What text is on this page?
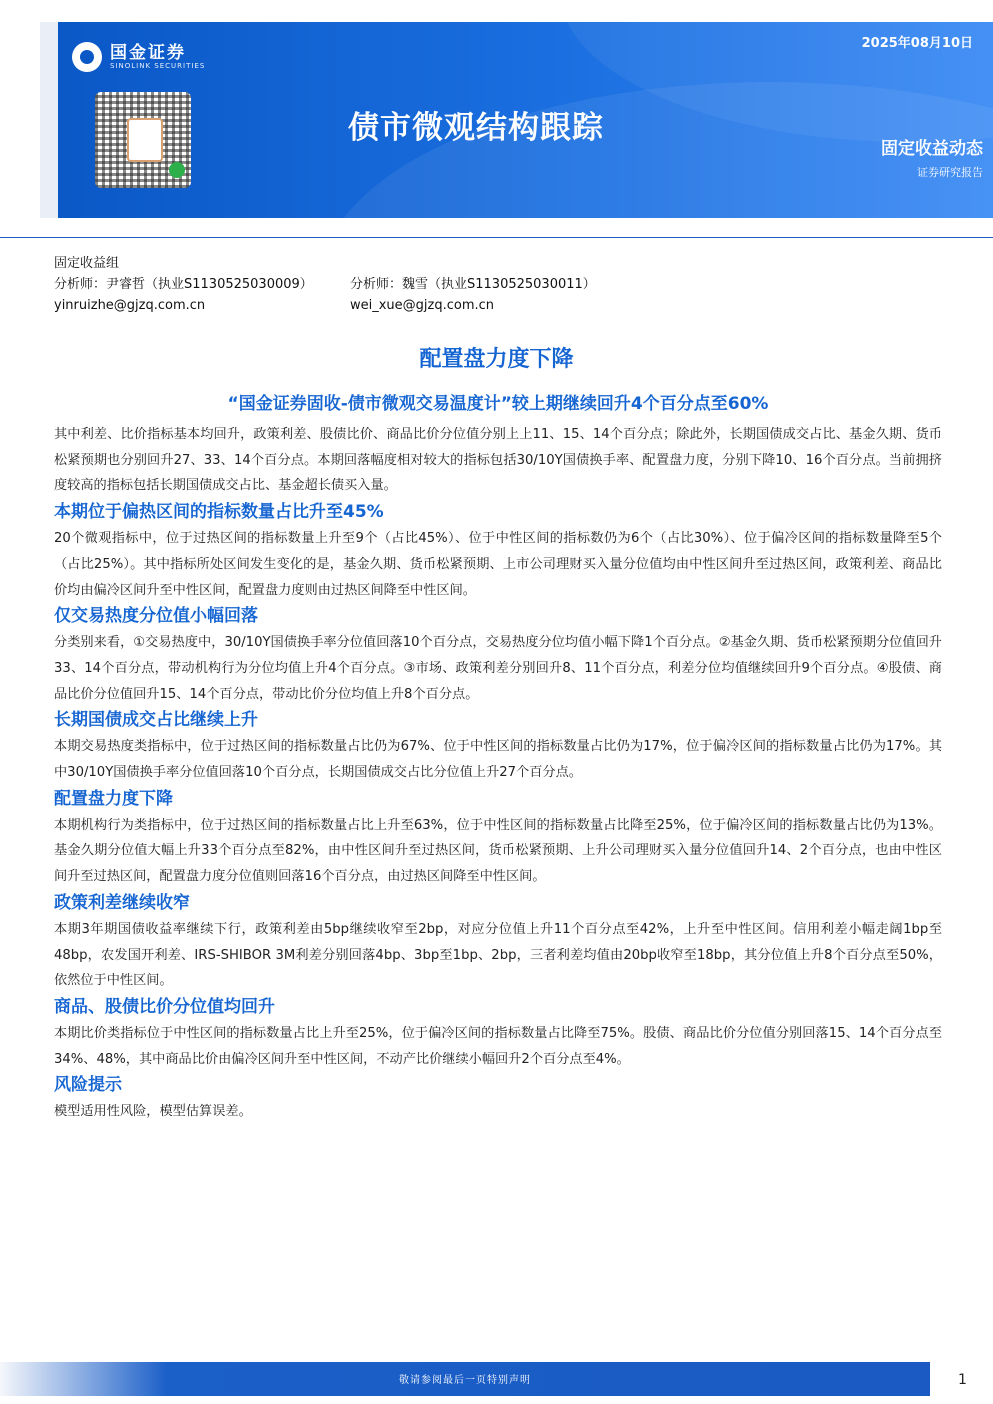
国金证券
SINOLINK SECURITIES
2025年08月10日
债市微观结构跟踪
固定收益动态
证券研究报告
固定收益组
分析师：尹睿哲（执业S1130525030009）	分析师：魏雪（执业S1130525030011）
yinruizhe@gjzq.com.cn	wei_xue@gjzq.com.cn
配置盘力度下降
“国金证券固收-债市微观交易温度计”较上期继续回升4个百分点至60%

其中利差、比价指标基本均回升，政策利差、股债比价、商品比价分位值分别上上11、15、14个百分点；除此外，长期国债成交占比、基金久期、货币松紧预期也分别回升27、33、14个百分点。本期回落幅度相对较大的指标包括30/10Y国债换手率、配置盘力度，分别下降10、16个百分点。当前拥挤度较高的指标包括长期国债成交占比、基金超长债买入量。

本期位于偏热区间的指标数量占比升至45%

20个微观指标中，位于过热区间的指标数量上升至9个（占比45%）、位于中性区间的指标数仍为6个（占比30%）、位于偏冷区间的指标数量降至5个（占比25%）。其中指标所处区间发生变化的是，基金久期、货币松紧预期、上市公司理财买入量分位值均由中性区间升至过热区间，政策利差、商品比价均由偏冷区间升至中性区间，配置盘力度则由过热区间降至中性区间。

仅交易热度分位值小幅回落

分类别来看，①交易热度中，30/10Y国债换手率分位值回落10个百分点，交易热度分位均值小幅下降1个百分点。②基金久期、货币松紧预期分位值回升33、14个百分点，带动机构行为分位均值上升4个百分点。③市场、政策利差分别回升8、11个百分点，利差分位均值继续回升9个百分点。④股债、商品比价分位值回升15、14个百分点，带动比价分位均值上升8个百分点。

长期国债成交占比继续上升

本期交易热度类指标中，位于过热区间的指标数量占比仍为67%、位于中性区间的指标数量占比仍为17%，位于偏冷区间的指标数量占比仍为17%。其中30/10Y国债换手率分位值回落10个百分点，长期国债成交占比分位值上升27个百分点。

配置盘力度下降

本期机构行为类指标中，位于过热区间的指标数量占比上升至63%，位于中性区间的指标数量占比降至25%，位于偏冷区间的指标数量占比仍为13%。基金久期分位值大幅上升33个百分点至82%，由中性区间升至过热区间，货币松紧预期、上升公司理财买入量分位值回升14、2个百分点，也由中性区间升至过热区间，配置盘力度分位值则回落16个百分点，由过热区间降至中性区间。

政策利差继续收窄

本期3年期国债收益率继续下行，政策利差由5bp继续收窄至2bp，对应分位值上升11个百分点至42%，上升至中性区间。信用利差小幅走阔1bp至48bp，农发国开利差、IRS-SHIBOR 3M利差分别回落4bp、3bp至1bp、2bp，三者利差均值由20bp收窄至18bp，其分位值上升8个百分点至50%，依然位于中性区间。

商品、股债比价分位值均回升

本期比价类指标位于中性区间的指标数量占比上升至25%，位于偏冷区间的指标数量占比降至75%。股债、商品比价分位值分别回落15、14个百分点至34%、48%，其中商品比价由偏冷区间升至中性区间，不动产比价继续小幅回升2个百分点至4%。

风险提示

模型适用性风险，模型估算误差。

敬请参阅最后一页特别声明	1
